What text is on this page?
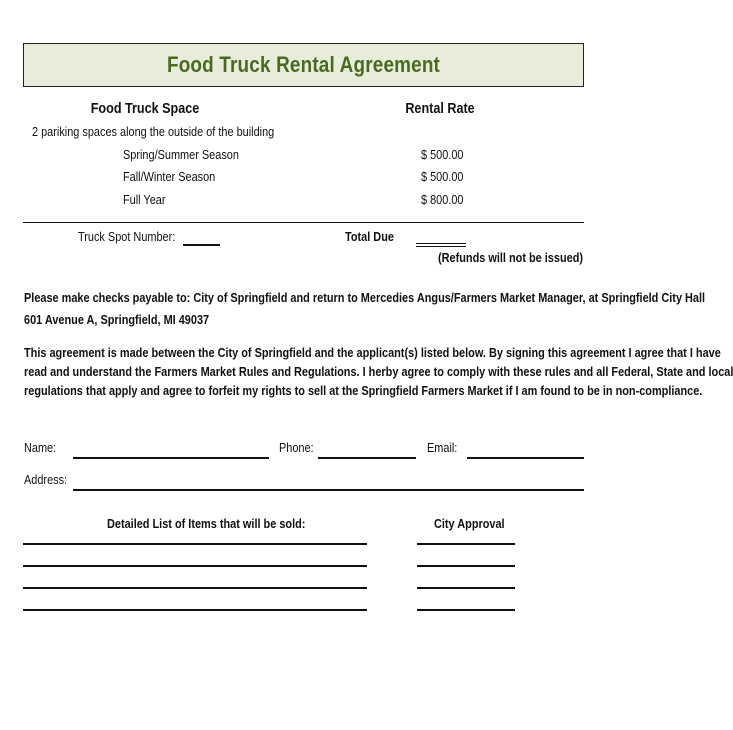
Food Truck Rental Agreement
Food Truck Space	Rental Rate
2 pariking spaces along the outside of the building
Spring/Summer Season	$ 500.00
Fall/Winter Season	$ 500.00
Full Year	$ 800.00
Truck Spot Number:	Total Due
(Refunds will not be issued)
Please make checks payable to: City of Springfield and return to Mercedies Angus/Farmers Market Manager, at Springfield City Hall
601 Avenue A, Springfield, MI 49037
This agreement is made between the City of Springfield and the applicant(s) listed below. By signing this agreement I agree that I have
read and understand the Farmers Market Rules and Regulations. I herby agree to comply with these rules and all Federal, State and local
regulations that apply and agree to forfeit my rights to sell at the Springfield Farmers Market if I am found to be in non-compliance.
Name:	Phone:	Email:
Address:
Detailed List of Items that will be sold:	City Approval
